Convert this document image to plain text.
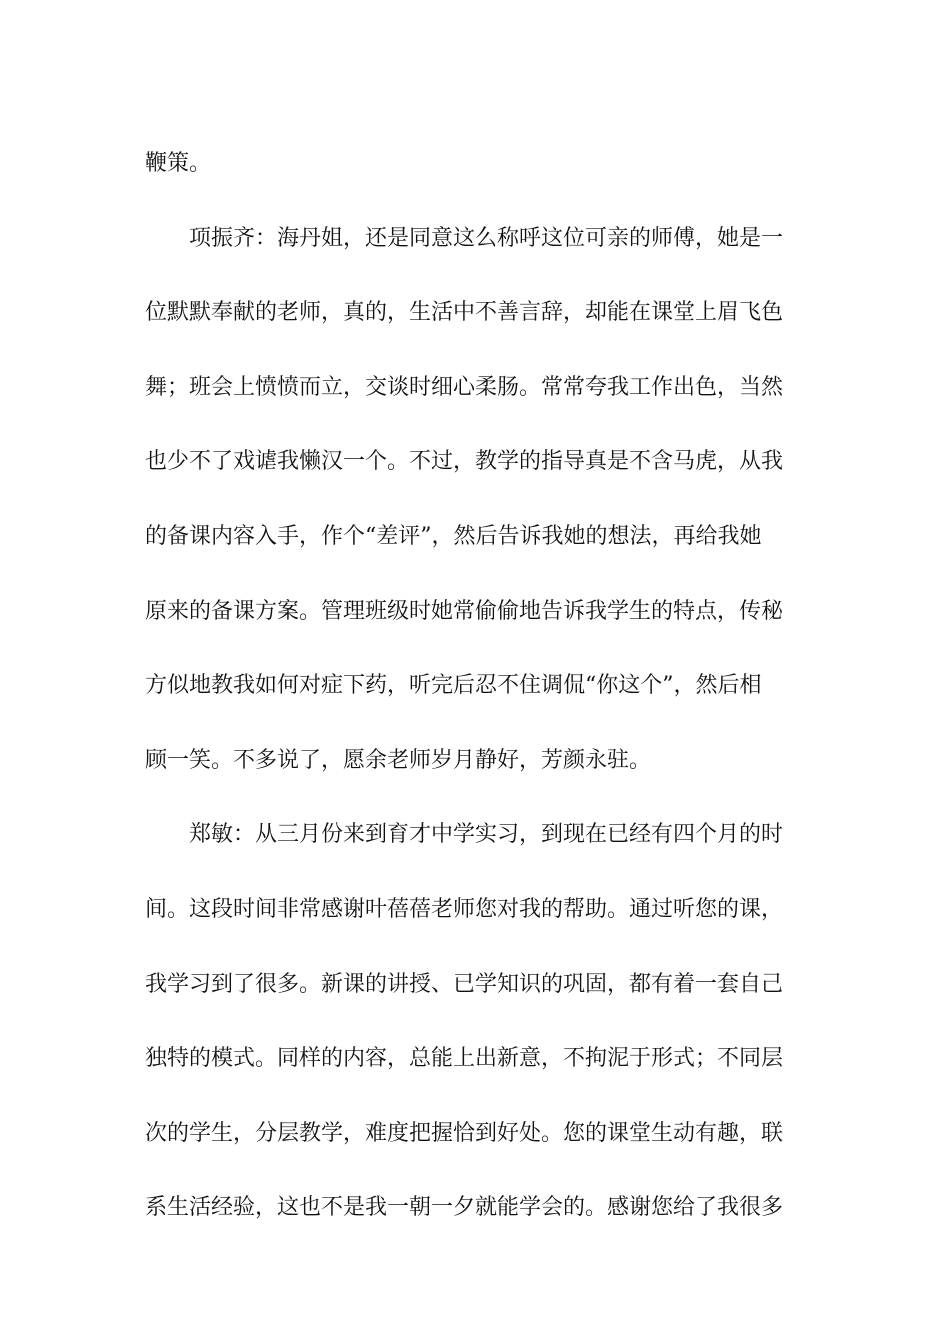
鞭策。
项振齐：海丹姐，还是同意这么称呼这位可亲的师傅，她是一
位默默奉献的老师，真的，生活中不善言辞，却能在课堂上眉飞色
舞；班会上愤愤而立，交谈时细心柔肠。常常夸我工作出色，当然
也少不了戏谑我懒汉一个。不过，教学的指导真是不含马虎，从我
的备课内容入手，作个“差评”，然后告诉我她的想法，再给我她
原来的备课方案。管理班级时她常偷偷地告诉我学生的特点，传秘
方似地教我如何对症下药，听完后忍不住调侃“你这个”，然后相
顾一笑。不多说了，愿余老师岁月静好，芳颜永驻。
郑敏：从三月份来到育才中学实习，到现在已经有四个月的时
间。这段时间非常感谢叶蓓蓓老师您对我的帮助。通过听您的课，
我学习到了很多。新课的讲授、已学知识的巩固，都有着一套自己
独特的模式。同样的内容，总能上出新意，不拘泥于形式；不同层
次的学生，分层教学，难度把握恰到好处。您的课堂生动有趣，联
系生活经验，这也不是我一朝一夕就能学会的。感谢您给了我很多
